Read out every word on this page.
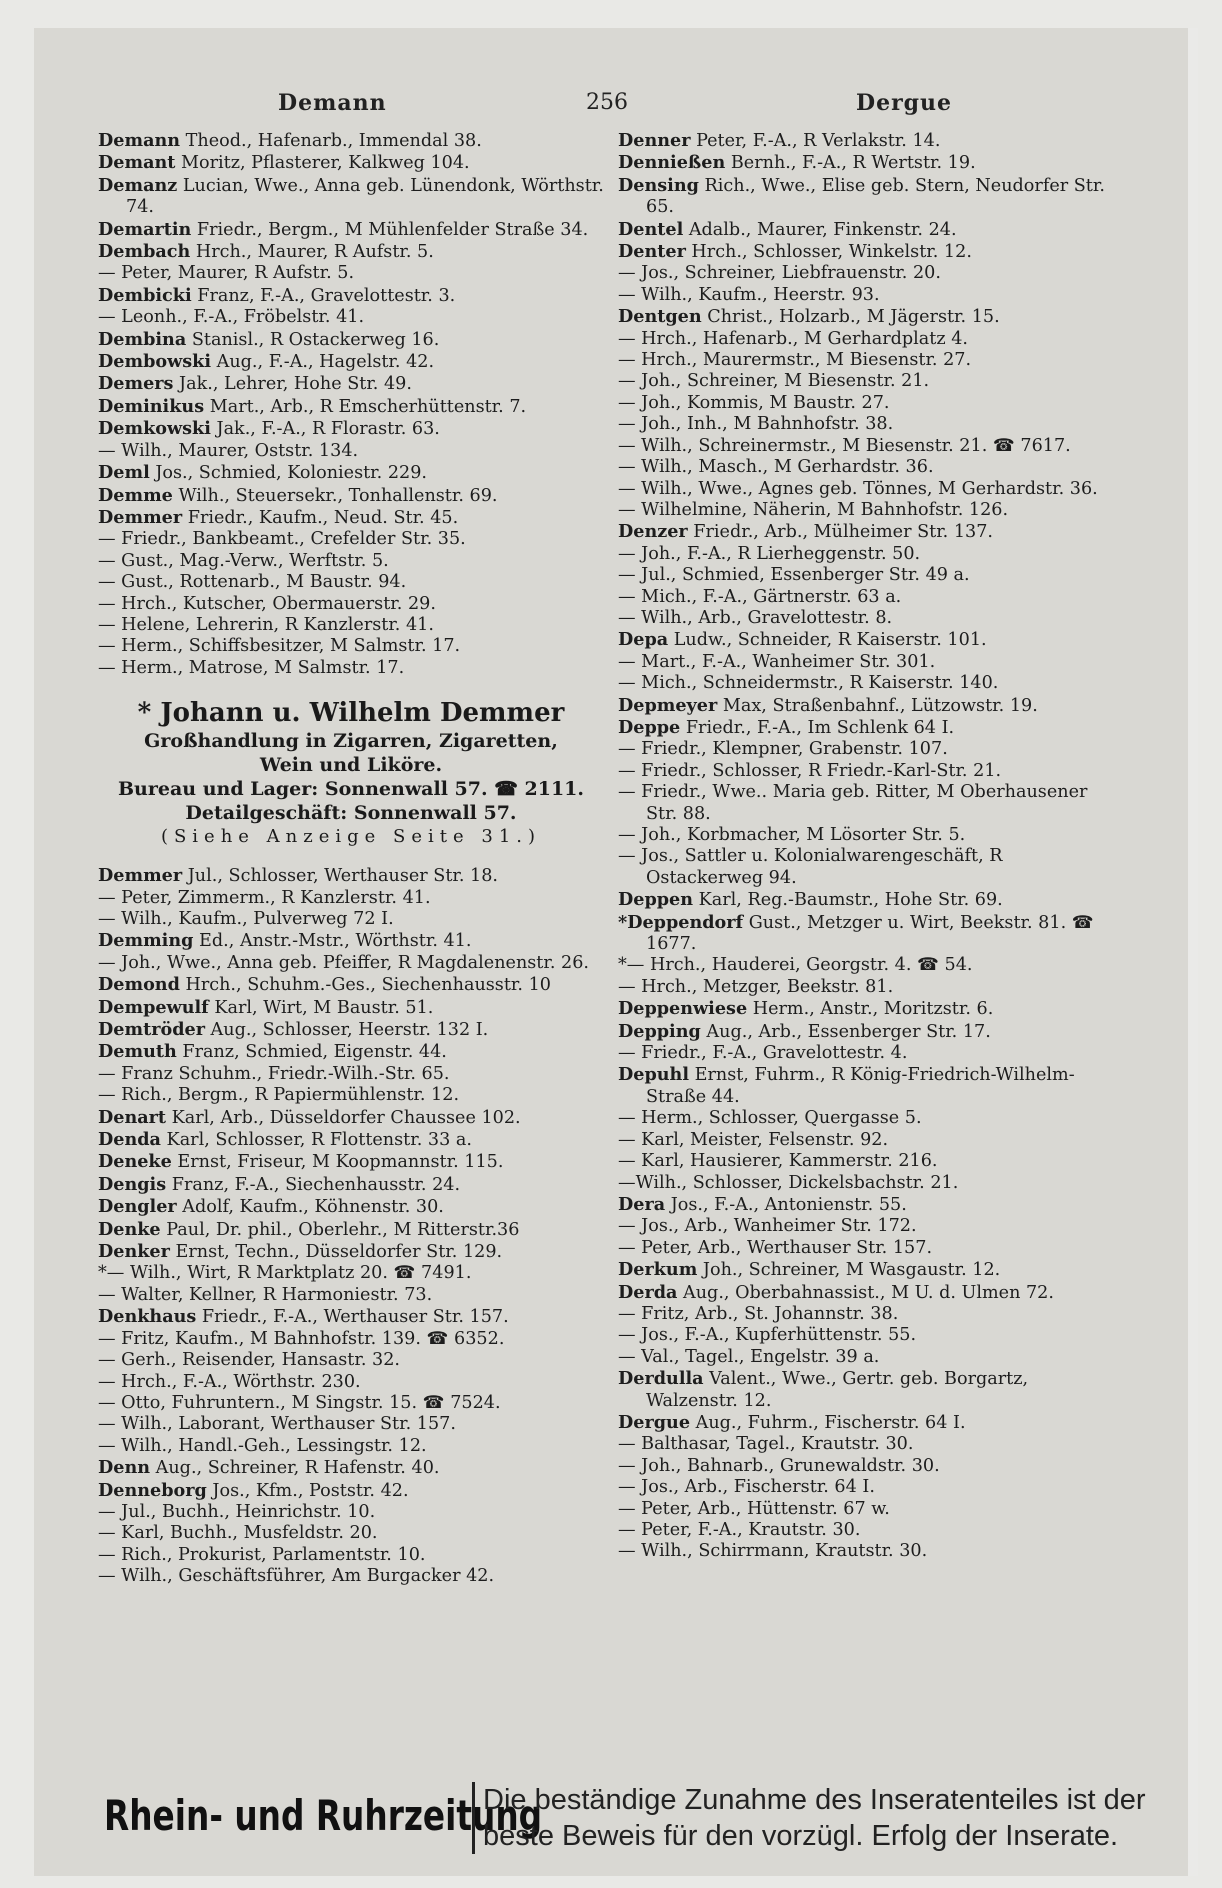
Demann	256	Dergue

Demann Theod., Hafenarb., Immendal 38.

Demant Moritz, Pflasterer, Kalkweg 104.

Demanz Lucian, Wwe., Anna geb. Lünendonk, Wörthstr. 74.

Demartin Friedr., Bergm., M Mühlenfelder Straße 34.

Dembach Hrch., Maurer, R Aufstr. 5.

— Peter, Maurer, R Aufstr. 5.

Dembicki Franz, F.-A., Gravelottestr. 3.

— Leonh., F.-A., Fröbelstr. 41.

Dembina Stanisl., R Ostackerweg 16.

Dembowski Aug., F.-A., Hagelstr. 42.

Demers Jak., Lehrer, Hohe Str. 49.

Deminikus Mart., Arb., R Emscherhüttenstr. 7.

Demkowski Jak., F.-A., R Florastr. 63.

— Wilh., Maurer, Oststr. 134.

Deml Jos., Schmied, Koloniestr. 229.

Demme Wilh., Steuersekr., Tonhallenstr. 69.

Demmer Friedr., Kaufm., Neud. Str. 45.

— Friedr., Bankbeamt., Crefelder Str. 35.

— Gust., Mag.-Verw., Werftstr. 5.

— Gust., Rottenarb., M Baustr. 94.

— Hrch., Kutscher, Obermauerstr. 29.

— Helene, Lehrerin, R Kanzlerstr. 41.

— Herm., Schiffsbesitzer, M Salmstr. 17.

— Herm., Matrose, M Salmstr. 17.

* Johann u. Wilhelm Demmer
Großhandlung in Zigarren, Zigaretten,
Wein und Liköre.
Bureau und Lager: Sonnenwall 57. ☎ 2111.
Detailgeschäft: Sonnenwall 57.
(Siehe Anzeige Seite 31.)

Demmer Jul., Schlosser, Werthauser Str. 18.

— Peter, Zimmerm., R Kanzlerstr. 41.

— Wilh., Kaufm., Pulverweg 72 I.

Demming Ed., Anstr.-Mstr., Wörthstr. 41.

— Joh., Wwe., Anna geb. Pfeiffer, R Magdalenenstr. 26.

Demond Hrch., Schuhm.-Ges., Siechenhausstr. 10

Dempewulf Karl, Wirt, M Baustr. 51.

Demtröder Aug., Schlosser, Heerstr. 132 I.

Demuth Franz, Schmied, Eigenstr. 44.

— Franz Schuhm., Friedr.-Wilh.-Str. 65.

— Rich., Bergm., R Papiermühlenstr. 12.

Denart Karl, Arb., Düsseldorfer Chaussee 102.

Denda Karl, Schlosser, R Flottenstr. 33 a.

Deneke Ernst, Friseur, M Koopmannstr. 115.

Dengis Franz, F.-A., Siechenhausstr. 24.

Dengler Adolf, Kaufm., Köhnenstr. 30.

Denke Paul, Dr. phil., Oberlehr., M Ritterstr.36

Denker Ernst, Techn., Düsseldorfer Str. 129.

*— Wilh., Wirt, R Marktplatz 20. ☎ 7491.

— Walter, Kellner, R Harmoniestr. 73.

Denkhaus Friedr., F.-A., Werthauser Str. 157.

— Fritz, Kaufm., M Bahnhofstr. 139. ☎ 6352.

— Gerh., Reisender, Hansastr. 32.

— Hrch., F.-A., Wörthstr. 230.

— Otto, Fuhruntern., M Singstr. 15. ☎ 7524.

— Wilh., Laborant, Werthauser Str. 157.

— Wilh., Handl.-Geh., Lessingstr. 12.

Denn Aug., Schreiner, R Hafenstr. 40.

Denneborg Jos., Kfm., Poststr. 42.

— Jul., Buchh., Heinrichstr. 10.

— Karl, Buchh., Musfeldstr. 20.

— Rich., Prokurist, Parlamentstr. 10.

— Wilh., Geschäftsführer, Am Burgacker 42.

Denner Peter, F.-A., R Verlakstr. 14.

Dennießen Bernh., F.-A., R Wertstr. 19.

Densing Rich., Wwe., Elise geb. Stern, Neudorfer Str. 65.

Dentel Adalb., Maurer, Finkenstr. 24.

Denter Hrch., Schlosser, Winkelstr. 12.

— Jos., Schreiner, Liebfrauenstr. 20.

— Wilh., Kaufm., Heerstr. 93.

Dentgen Christ., Holzarb., M Jägerstr. 15.

— Hrch., Hafenarb., M Gerhardplatz 4.

— Hrch., Maurermstr., M Biesenstr. 27.

— Joh., Schreiner, M Biesenstr. 21.

— Joh., Kommis, M Baustr. 27.

— Joh., Inh., M Bahnhofstr. 38.

— Wilh., Schreinermstr., M Biesenstr. 21. ☎ 7617.

— Wilh., Masch., M Gerhardstr. 36.

— Wilh., Wwe., Agnes geb. Tönnes, M Gerhardstr. 36.

— Wilhelmine, Näherin, M Bahnhofstr. 126.

Denzer Friedr., Arb., Mülheimer Str. 137.

— Joh., F.-A., R Lierheggenstr. 50.

— Jul., Schmied, Essenberger Str. 49 a.

— Mich., F.-A., Gärtnerstr. 63 a.

— Wilh., Arb., Gravelottestr. 8.

Depa Ludw., Schneider, R Kaiserstr. 101.

— Mart., F.-A., Wanheimer Str. 301.

— Mich., Schneidermstr., R Kaiserstr. 140.

Depmeyer Max, Straßenbahnf., Lützowstr. 19.

Deppe Friedr., F.-A., Im Schlenk 64 I.

— Friedr., Klempner, Grabenstr. 107.

— Friedr., Schlosser, R Friedr.-Karl-Str. 21.

— Friedr., Wwe.. Maria geb. Ritter, M Oberhausener Str. 88.

— Joh., Korbmacher, M Lösorter Str. 5.

— Jos., Sattler u. Kolonialwarengeschäft, R Ostackerweg 94.

Deppen Karl, Reg.-Baumstr., Hohe Str. 69.

*Deppendorf Gust., Metzger u. Wirt, Beekstr. 81. ☎ 1677.

*— Hrch., Hauderei, Georgstr. 4. ☎ 54.

— Hrch., Metzger, Beekstr. 81.

Deppenwiese Herm., Anstr., Moritzstr. 6.

Depping Aug., Arb., Essenberger Str. 17.

— Friedr., F.-A., Gravelottestr. 4.

Depuhl Ernst, Fuhrm., R König-Friedrich-Wilhelm-Straße 44.

— Herm., Schlosser, Quergasse 5.

— Karl, Meister, Felsenstr. 92.

— Karl, Hausierer, Kammerstr. 216.

—Wilh., Schlosser, Dickelsbachstr. 21.

Dera Jos., F.-A., Antonienstr. 55.

— Jos., Arb., Wanheimer Str. 172.

— Peter, Arb., Werthauser Str. 157.

Derkum Joh., Schreiner, M Wasgaustr. 12.

Derda Aug., Oberbahnassist., M U. d. Ulmen 72.

— Fritz, Arb., St. Johannstr. 38.

— Jos., F.-A., Kupferhüttenstr. 55.

— Val., Tagel., Engelstr. 39 a.

Derdulla Valent., Wwe., Gertr. geb. Borgartz, Walzenstr. 12.

Dergue Aug., Fuhrm., Fischerstr. 64 I.

— Balthasar, Tagel., Krautstr. 30.

— Joh., Bahnarb., Grunewaldstr. 30.

— Jos., Arb., Fischerstr. 64 I.

— Peter, Arb., Hüttenstr. 67 w.

— Peter, F.-A., Krautstr. 30.

— Wilh., Schirrmann, Krautstr. 30.

Rhein- und Ruhrzeitung
Die beständige Zunahme des Inseratenteiles ist der beste Beweis für den vorzügl. Erfolg der Inserate.
